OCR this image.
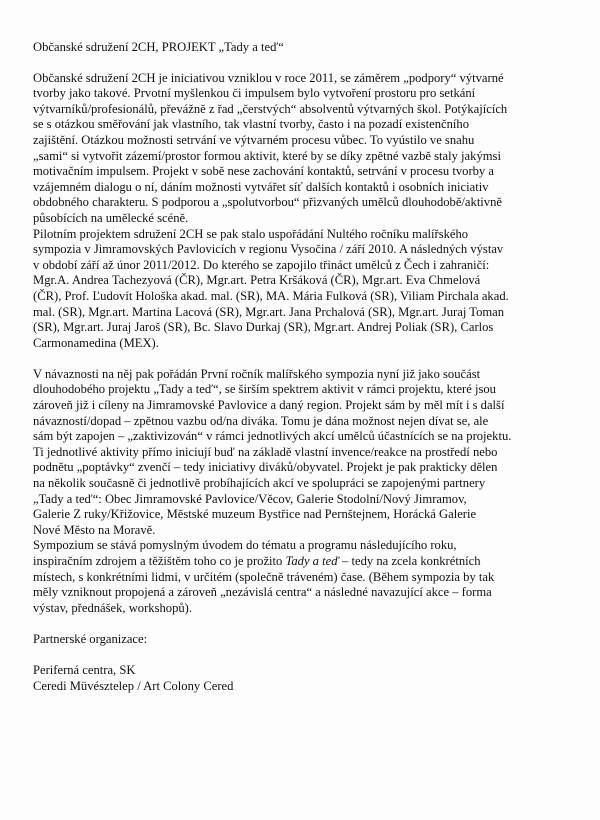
Občanské sdružení 2CH, PROJEKT „Tady a teď“

Občanské sdružení 2CH je iniciativou vzniklou v roce 2011, se záměrem „podpory“ výtvarné
tvorby jako takové. Prvotní myšlenkou či impulsem bylo vytvoření prostoru pro setkání
výtvarníků/profesionálů, převážně z řad „čerstvých“ absolventů výtvarných škol. Potýkajících
se s otázkou směřování jak vlastního, tak vlastní tvorby, často i na pozadí existenčního
zajištění. Otázkou možnosti setrvání ve výtvarném procesu vůbec. To vyústilo ve snahu
„sami“ si vytvořit zázemí/prostor formou aktivit, které by se díky zpětné vazbě staly jakýmsi
motivačním impulsem. Projekt v sobě nese zachování kontaktů, setrvání v procesu tvorby a
vzájemném dialogu o ní, dáním možnosti vytvářet síť dalších kontaktů i osobních iniciativ
obdobného charakteru. S podporou a „spolutvorbou“ přizvaných umělců dlouhodobě/aktivně
působících na umělecké scéně.

Pilotním projektem sdružení 2CH se pak stalo uspořádání Nultého ročníku malířského
sympozia v Jimramovských Pavlovicích v regionu Vysočina / září 2010. A následných výstav
v období září až únor 2011/2012. Do kterého se zapojilo třináct umělců z Čech i zahraničí:
Mgr.A. Andrea Tachezyová (ČR), Mgr.art. Petra Kršáková (ČR), Mgr.art. Eva Chmelová
(ČR), Prof. Ľudovít Hološka akad. mal. (SR), MA. Mária Fulková (SR), Viliam Pirchala akad.
mal. (SR), Mgr.art. Martina Lacová (SR), Mgr.art. Jana Prchalová (SR), Mgr.art. Juraj Toman
(SR), Mgr.art. Juraj Jaroš (SR), Bc. Slavo Durkaj (SR), Mgr.art. Andrej Poliak (SR), Carlos
Carmonamedina (MEX).

V návaznosti na něj pak pořádán První ročník malířského sympozia nyní již jako součást
dlouhodobého projektu „Tady a teď“, se širším spektrem aktivit v rámci projektu, které jsou
zároveň již i cíleny na Jimramovské Pavlovice a daný region. Projekt sám by měl mít i s další
návazností/dopad – zpětnou vazbu od/na diváka. Tomu je dána možnost nejen dívat se, ale
sám být zapojen – „zaktivizován“ v rámci jednotlivých akcí umělců účastnících se na projektu.
Ti jednotlivé aktivity přímo iniciují buď na základě vlastní invence/reakce na prostředí nebo
podnětu „poptávky“ zvenčí – tedy iniciativy diváků/obyvatel. Projekt je pak prakticky dělen
na několik současně či jednotlivě probíhajících akcí ve spolupráci se zapojenými partnery
„Tady a teď“: Obec Jimramovské Pavlovice/Věcov, Galerie Stodolní/Nový Jimramov,
Galerie Z ruky/Křižovice, Městské muzeum Bystřice nad Pernštejnem, Horácká Galerie
Nové Město na Moravě.

Sympozium se stává pomyslným úvodem do tématu a programu následujícího roku,
inspiračním zdrojem a těžištěm toho co je prožito Tady a teď – tedy na zcela konkrétních
místech, s konkrétními lidmi, v určitém (společně tráveném) čase. (Během sympozia by tak
měly vzniknout propojená a zároveň „nezávislá centra“ a následné navazující akce – forma
výstav, přednášek, workshopů).

Partnerské organizace:

Periferná centra, SK
Ceredi Müvésztelep / Art Colony Cered
